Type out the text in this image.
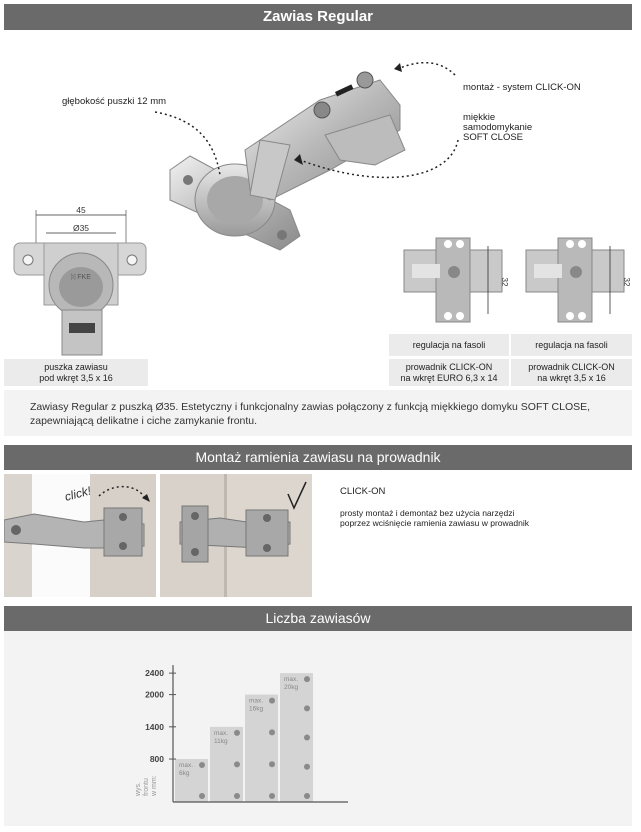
Zawias Regular
głębokość puszki 12 mm
montaż - system CLICK-ON
miękkie
samodomykanie
SOFT CLOSE
45
Ø35
ᛞ FKE
32	32
puszka zawiasu
pod wkręt 3,5 x 16
regulacja na fasoli	regulacja na fasoli
prowadnik CLICK-ON
na wkręt EURO 6,3 x 14
prowadnik CLICK-ON
na wkręt 3,5 x 16
Zawiasy Regular z puszką Ø35. Estetyczny i funkcjonalny zawias połączony z funkcją miękkiego domyku SOFT CLOSE,
zapewniającą delikatne i ciche zamykanie frontu.
Montaż ramienia zawiasu na prowadnik
click!	CLICK-ON
prosty montaż i demontaż bez użycia narzędzi
poprzez wciśnięcie ramienia zawiasu w prowadnik
Liczba zawiasów
max.
6kg
max.
11kg
max.
16kg
max.
20kg
800
1400
2000
2400
wys. frontu w mm:
